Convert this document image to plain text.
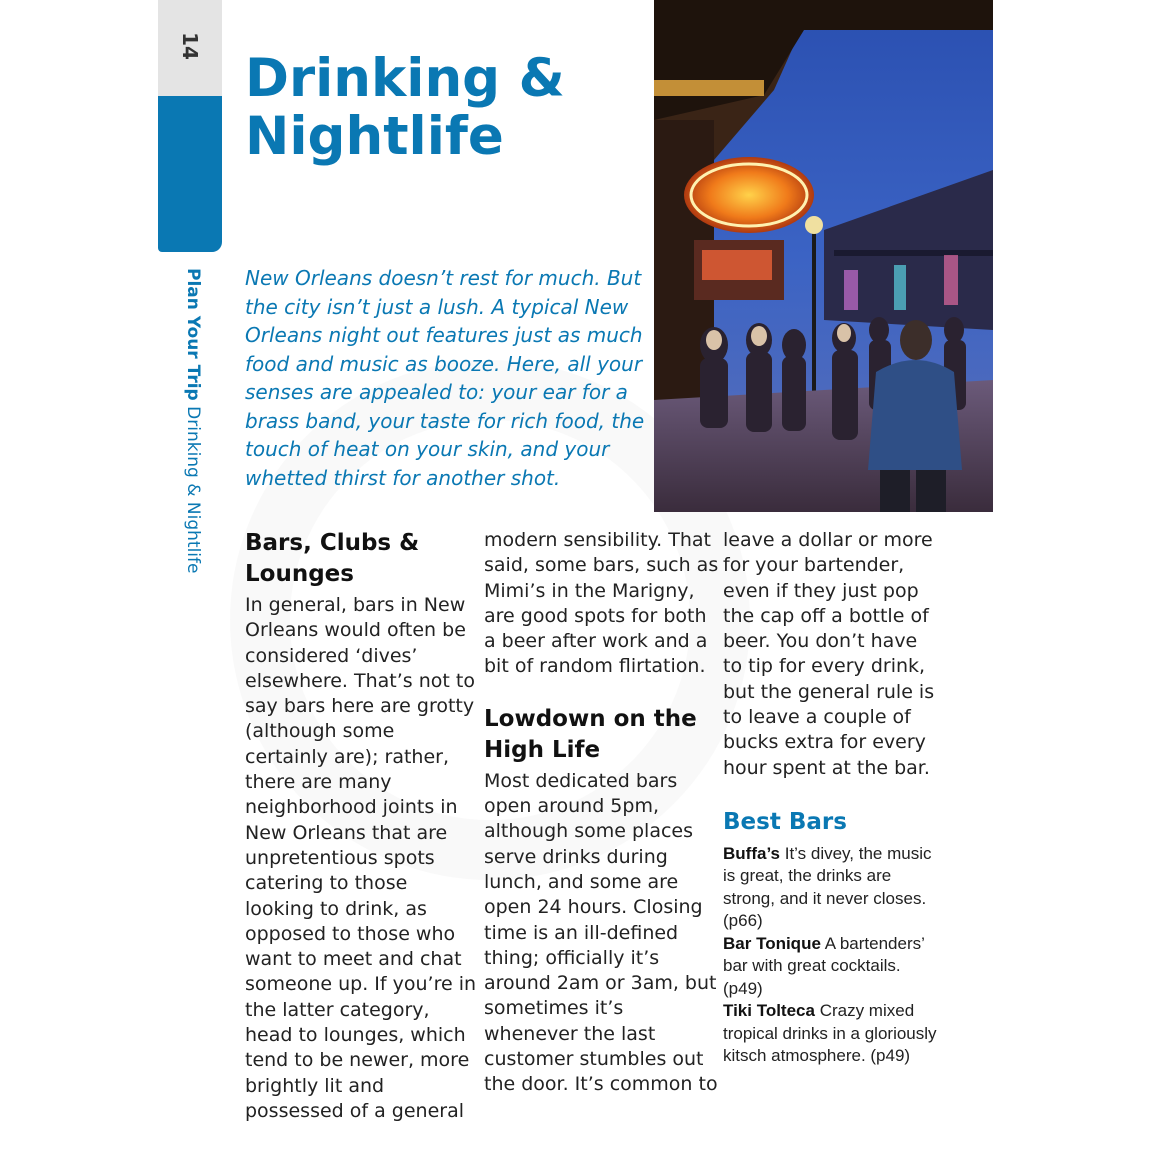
14
Plan Your Trip Drinking & Nightlife
Drinking &
Nightlife

New Orleans doesn’t rest for much. But the city isn’t just a lush. A typical New Orleans night out features just as much food and music as booze. Here, all your senses are appealed to: your ear for a brass band, your taste for rich food, the touch of heat on your skin, and your whetted thirst for another shot.

Bars, Clubs & Lounges

In general, bars in New Orleans would often be considered ‘dives’ elsewhere. That’s not to say bars here are grotty (although some certainly are); rather, there are many neighborhood joints in New Orleans that are unpretentious spots catering to those looking to drink, as opposed to those who want to meet and chat someone up. If you’re in the latter category, head to lounges, which tend to be newer, more brightly lit and possessed of a general

modern sensibility. That said, some bars, such as Mimi’s in the Marigny, are good spots for both a beer after work and a bit of random flirtation.

Lowdown on the High Life

Most dedicated bars open around 5pm, although some places serve drinks during lunch, and some are open 24 hours. Closing time is an ill-defined thing; officially it’s around 2am or 3am, but sometimes it’s whenever the last customer stumbles out the door. It’s common to

leave a dollar or more for your bartender, even if they just pop the cap off a bottle of beer. You don’t have to tip for every drink, but the general rule is to leave a couple of bucks extra for every hour spent at the bar.

Best Bars

Buffa’s It’s divey, the music is great, the drinks are strong, and it never closes. (p66)

Bar Tonique A bartenders’ bar with great cocktails. (p49)

Tiki Tolteca Crazy mixed tropical drinks in a gloriously kitsch atmosphere. (p49)
